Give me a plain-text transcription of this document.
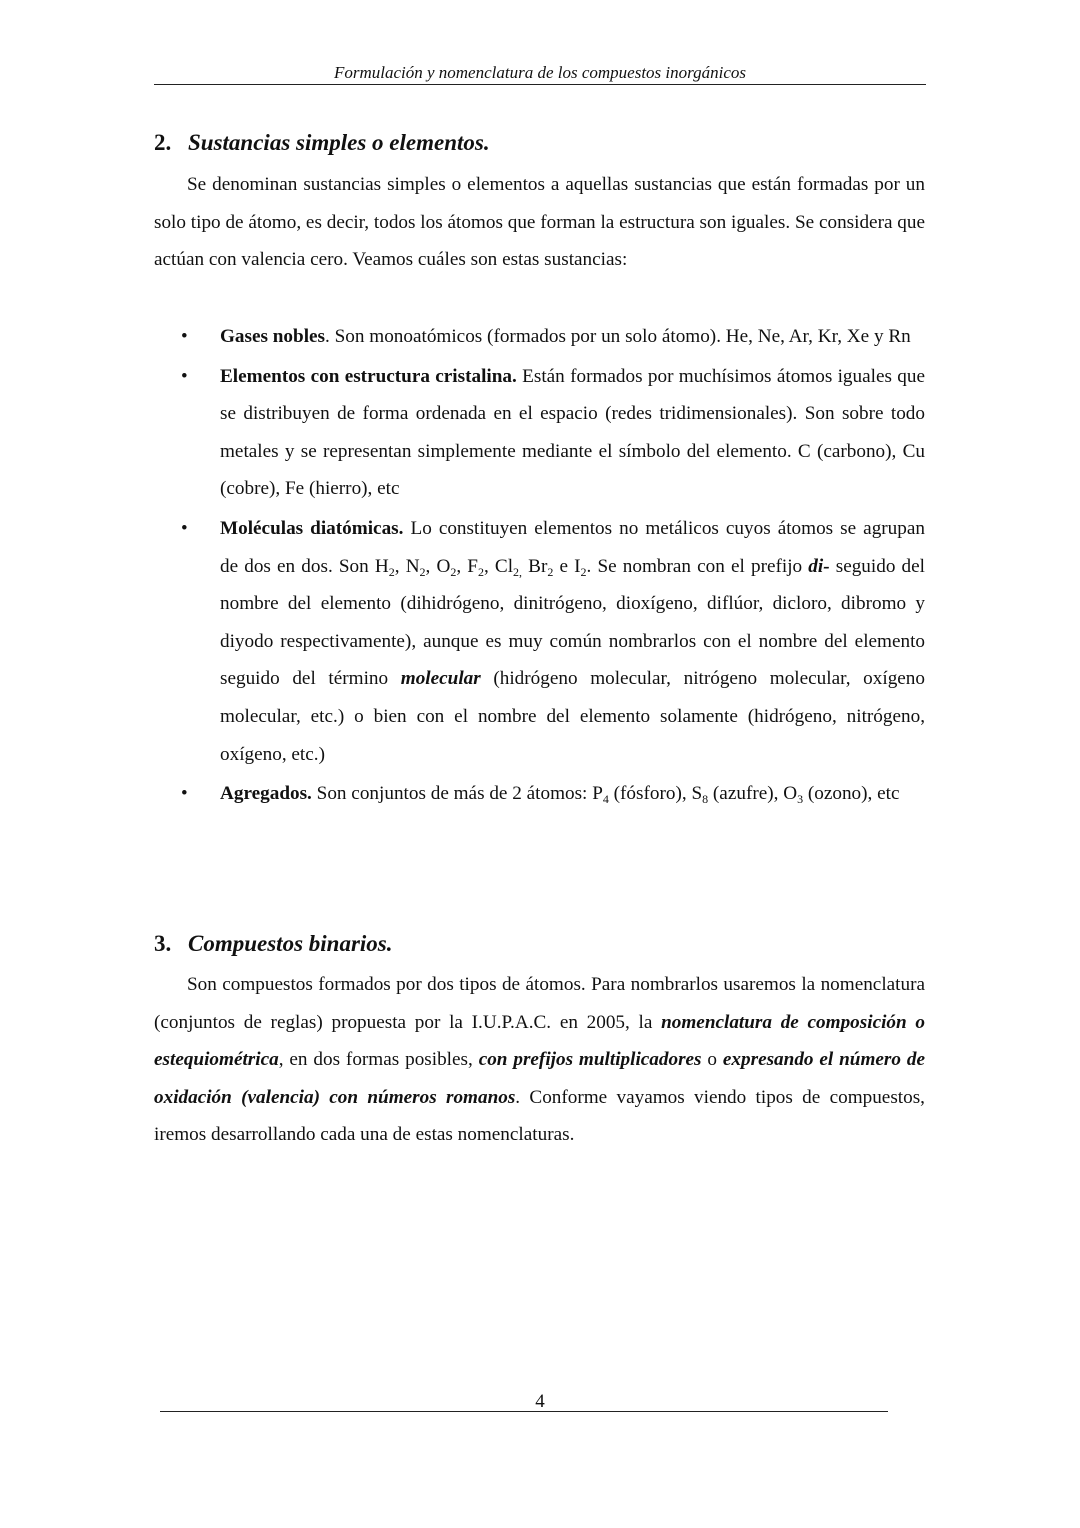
Formulación y nomenclatura de los compuestos inorgánicos
2. Sustancias simples o elementos.

Se denominan sustancias simples o elementos a aquellas sustancias que están formadas por un solo tipo de átomo, es decir, todos los átomos que forman la estructura son iguales. Se considera que actúan con valencia cero. Veamos cuáles son estas sustancias:

• Gases nobles. Son monoatómicos (formados por un solo átomo). He, Ne, Ar, Kr, Xe y Rn
• Elementos con estructura cristalina. Están formados por muchísimos átomos iguales que se distribuyen de forma ordenada en el espacio (redes tridimensionales). Son sobre todo metales y se representan simplemente mediante el símbolo del elemento. C (carbono), Cu (cobre), Fe (hierro), etc
• Moléculas diatómicas. Lo constituyen elementos no metálicos cuyos átomos se agrupan de dos en dos. Son $H_2$, $N_2$, $O_2$, $F_2$, $Cl_{2,}$ $Br_2$ e $I_2$. Se nombran con el prefijo di- seguido del nombre del elemento (dihidrógeno, dinitrógeno, dioxígeno, diflúor, dicloro, dibromo y diyodo respectivamente), aunque es muy común nombrarlos con el nombre del elemento seguido del término molecular (hidrógeno molecular, nitrógeno molecular, oxígeno molecular, etc.) o bien con el nombre del elemento solamente (hidrógeno, nitrógeno, oxígeno, etc.)
• Agregados. Son conjuntos de más de 2 átomos: $P_4$ (fósforo), $S_8$ (azufre), $O_3$ (ozono), etc
3. Compuestos binarios.

Son compuestos formados por dos tipos de átomos. Para nombrarlos usaremos la nomenclatura (conjuntos de reglas) propuesta por la I.U.P.A.C. en 2005, la nomenclatura de composición o estequiométrica, en dos formas posibles, con prefijos multiplicadores o expresando el número de oxidación (valencia) con números romanos. Conforme vayamos viendo tipos de compuestos, iremos desarrollando cada una de estas nomenclaturas.

4
